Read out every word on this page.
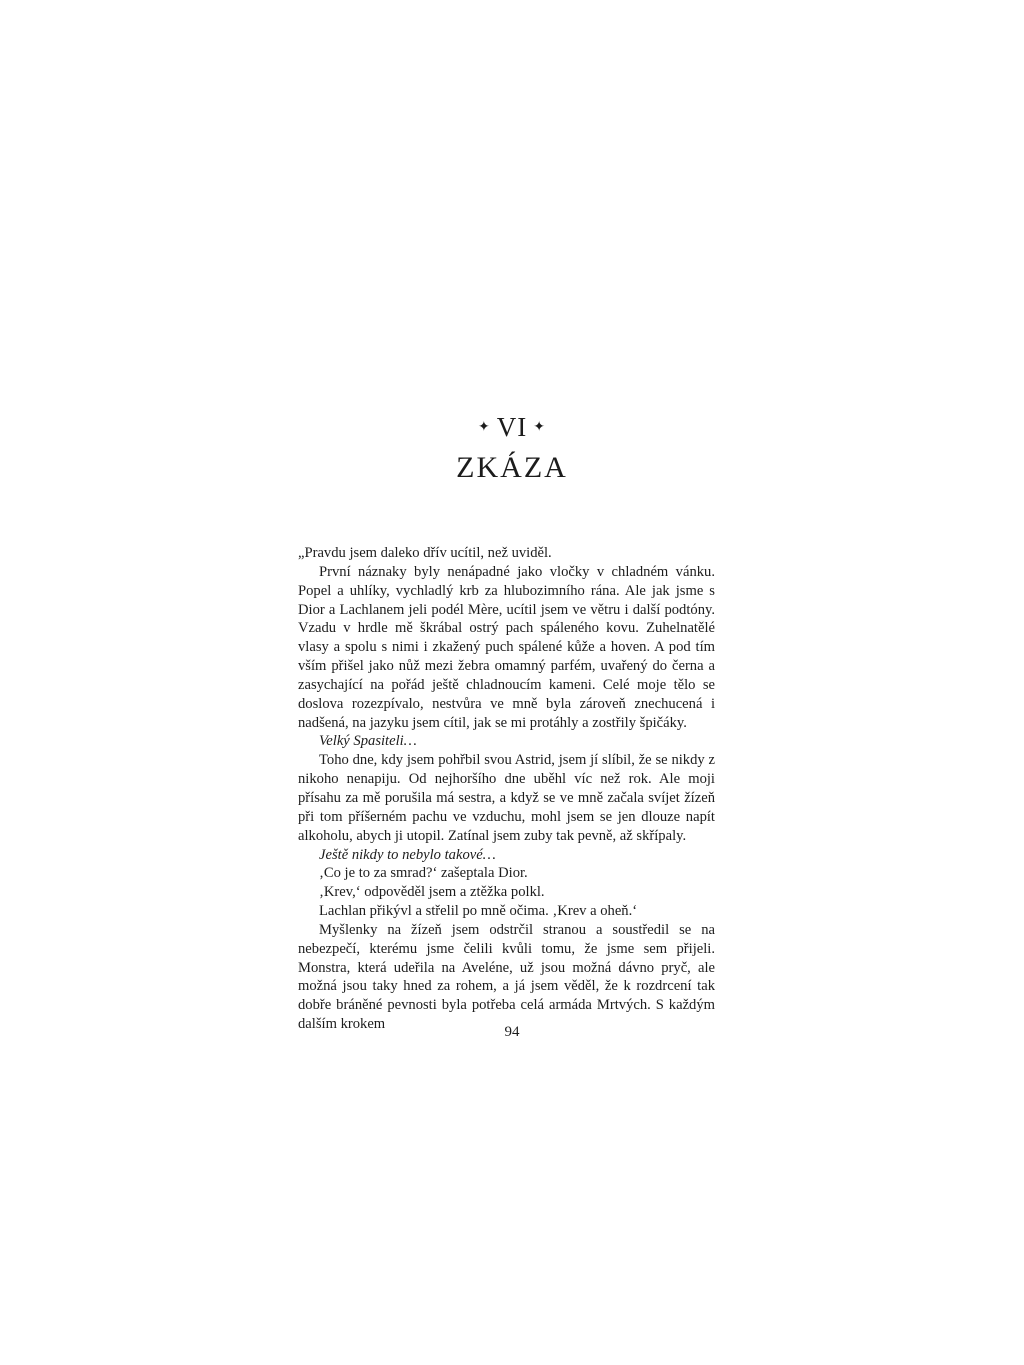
✦ VI ✦
ZKÁZA

„Pravdu jsem daleko dřív ucítil, než uviděl.

První náznaky byly nenápadné jako vločky v chladném vánku. Popel a uhlíky, vychladlý krb za hlubozimního rána. Ale jak jsme s Dior a Lachlanem jeli podél Mère, ucítil jsem ve větru i další podtóny. Vzadu v hrdle mě škrábal ostrý pach spáleného kovu. Zuhelnatělé vlasy a spolu s nimi i zkažený puch spálené kůže a hoven. A pod tím vším přišel jako nůž mezi žebra omamný parfém, uvařený do černa a zasychající na pořád ještě chladnoucím kameni. Celé moje tělo se doslova rozezpívalo, nestvůra ve mně byla zároveň znechucená i nadšená, na jazyku jsem cítil, jak se mi protáhly a zostřily špičáky.

Velký Spasiteli…

Toho dne, kdy jsem pohřbil svou Astrid, jsem jí slíbil, že se nikdy z nikoho nenapiju. Od nejhoršího dne uběhl víc než rok. Ale moji přísahu za mě porušila má sestra, a když se ve mně začala svíjet žízeň při tom příšerném pachu ve vzduchu, mohl jsem se jen dlouze napít alkoholu, abych ji utopil. Zatínal jsem zuby tak pevně, až skřípaly.

Ještě nikdy to nebylo takové…

‚Co je to za smrad?‘ zašeptala Dior.

‚Krev,‘ odpověděl jsem a ztěžka polkl.

Lachlan přikývl a střelil po mně očima. ‚Krev a oheň.‘

Myšlenky na žízeň jsem odstrčil stranou a soustředil se na nebezpečí, kterému jsme čelili kvůli tomu, že jsme sem přijeli. Monstra, která udeřila na Aveléne, už jsou možná dávno pryč, ale možná jsou taky hned za rohem, a já jsem věděl, že k rozdrcení tak dobře bráněné pevnosti byla potřeba celá armáda Mrtvých. S každým dalším krokem	94
